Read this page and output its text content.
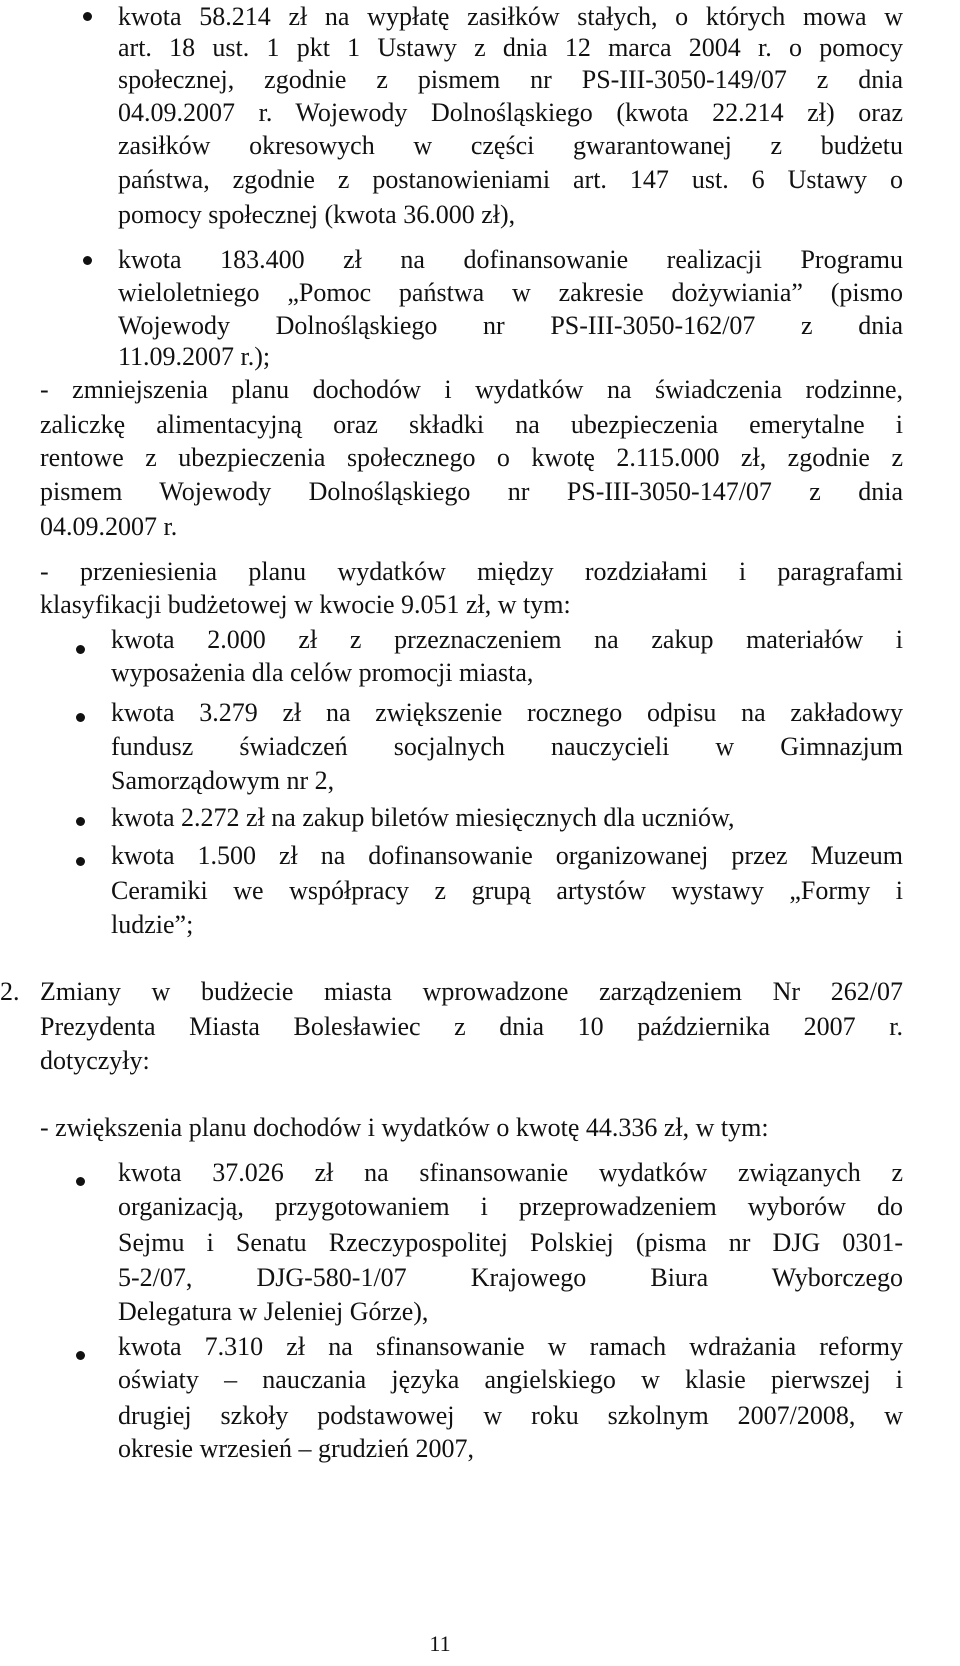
kwota 58.214 zł na wypłatę zasiłków stałych, o których mowa w

art. 18 ust. 1 pkt 1 Ustawy z dnia 12 marca 2004 r. o pomocy

społecznej, zgodnie z pismem nr PS-III-3050-149/07 z dnia

04.09.2007 r. Wojewody Dolnośląskiego (kwota 22.214 zł) oraz

zasiłków okresowych w części gwarantowanej z budżetu

państwa, zgodnie z postanowieniami art. 147 ust. 6 Ustawy o

pomocy społecznej (kwota 36.000 zł),

kwota 183.400 zł na dofinansowanie realizacji Programu

wieloletniego „Pomoc państwa w zakresie dożywiania” (pismo

Wojewody Dolnośląskiego nr PS-III-3050-162/07 z dnia

11.09.2007 r.);

- zmniejszenia planu dochodów i wydatków na świadczenia rodzinne,

zaliczkę alimentacyjną oraz składki na ubezpieczenia emerytalne i

rentowe z ubezpieczenia społecznego o kwotę 2.115.000 zł, zgodnie z

pismem Wojewody Dolnośląskiego nr PS-III-3050-147/07 z dnia

04.09.2007 r.

- przeniesienia planu wydatków między rozdziałami i paragrafami

klasyfikacji budżetowej w kwocie 9.051 zł, w tym:

kwota 2.000 zł z przeznaczeniem na zakup materiałów i

wyposażenia dla celów promocji miasta,

kwota 3.279 zł na zwiększenie rocznego odpisu na zakładowy

fundusz świadczeń socjalnych nauczycieli w Gimnazjum

Samorządowym nr 2,

kwota 2.272 zł na zakup biletów miesięcznych dla uczniów,

kwota 1.500 zł na dofinansowanie organizowanej przez Muzeum

Ceramiki we współpracy z grupą artystów wystawy „Formy i

ludzie”;

2. Zmiany w budżecie miasta wprowadzone zarządzeniem Nr 262/07

Prezydenta Miasta Bolesławiec z dnia 10 października 2007 r.

dotyczyły:

- zwiększenia planu dochodów i wydatków o kwotę 44.336 zł, w tym:

kwota 37.026 zł na sfinansowanie wydatków związanych z

organizacją, przygotowaniem i przeprowadzeniem wyborów do

Sejmu i Senatu Rzeczypospolitej Polskiej (pisma nr DJG 0301-

5-2/07, DJG-580-1/07 Krajowego Biura Wyborczego

Delegatura w Jeleniej Górze),

kwota 7.310 zł na sfinansowanie w ramach wdrażania reformy

oświaty – nauczania języka angielskiego w klasie pierwszej i

drugiej szkoły podstawowej w roku szkolnym 2007/2008, w

okresie wrzesień – grudzień 2007,

11
